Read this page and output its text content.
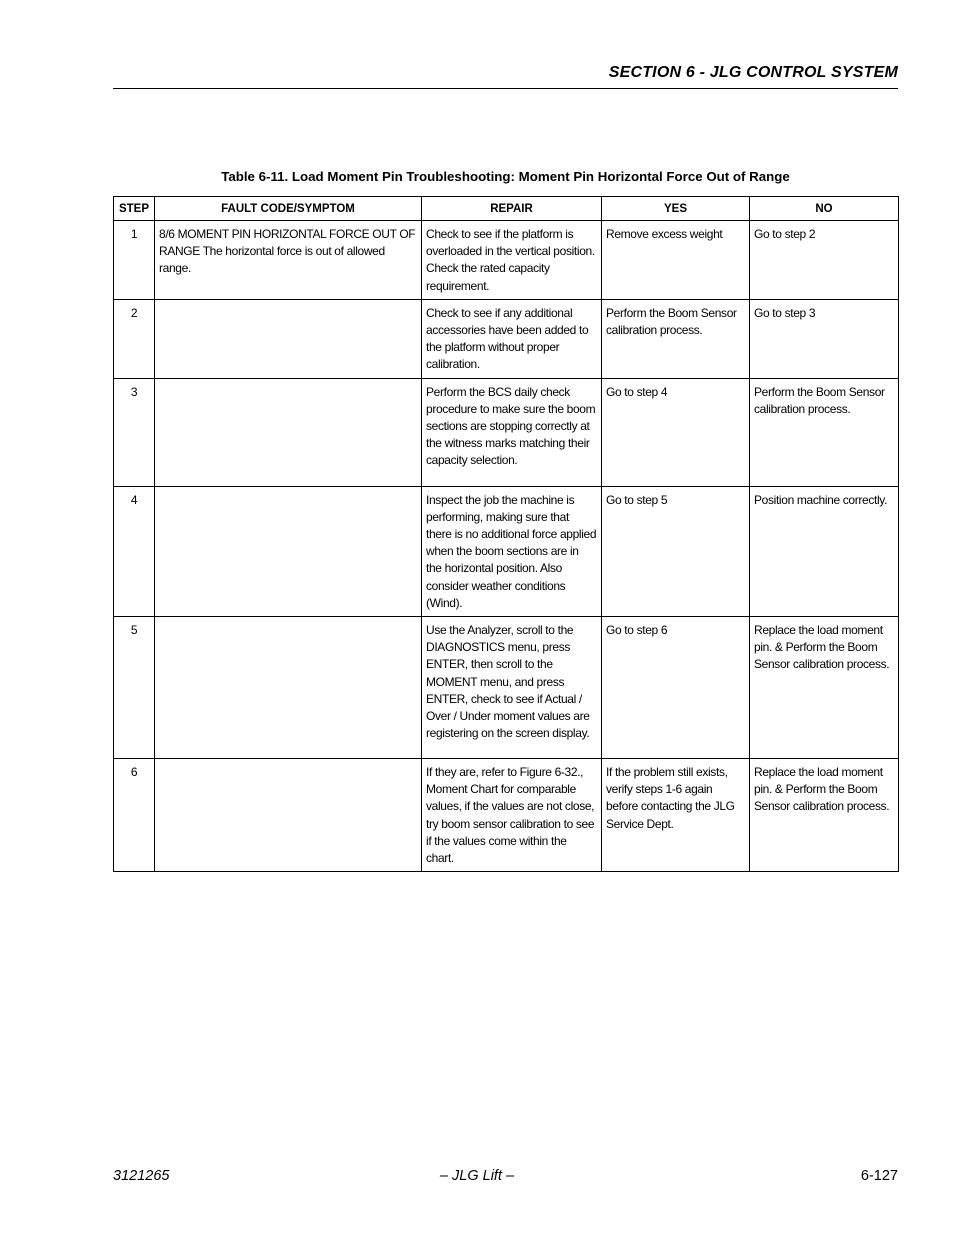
SECTION 6 - JLG CONTROL SYSTEM
Table 6-11. Load Moment Pin Troubleshooting: Moment Pin Horizontal Force Out of Range
STEP	FAULT CODE/SYMPTOM	REPAIR	YES	NO
1	8/6 MOMENT PIN HORIZONTAL FORCE OUT OF RANGE The horizontal force is out of allowed range.	Check to see if the platform is overloaded in the vertical position. Check the rated capacity requirement.	Remove excess weight	Go to step 2
2		Check to see if any additional accessories have been added to the platform without proper calibration.	Perform the Boom Sensor calibration process.	Go to step 3
3		Perform the BCS daily check procedure to make sure the boom sections are stopping correctly at the witness marks matching their capacity selection.	Go to step 4	Perform the Boom Sensor calibration process.
4		Inspect the job the machine is performing, making sure that there is no additional force applied when the boom sections are in the horizontal position. Also consider weather conditions (Wind).	Go to step 5	Position machine correctly.
5		Use the Analyzer, scroll to the DIAGNOSTICS menu, press ENTER, then scroll to the MOMENT menu, and press ENTER, check to see if Actual / Over / Under moment values are registering on the screen display.	Go to step 6	Replace the load moment pin. & Perform the Boom Sensor calibration process.
6		If they are, refer to Figure 6-32., Moment Chart for comparable values, if the values are not close, try boom sensor calibration to see if the values come within the chart.	If the problem still exists, verify steps 1-6 again before contacting the JLG Service Dept.	Replace the load moment pin. & Perform the Boom Sensor calibration process.
3121265	– JLG Lift –	6-127
